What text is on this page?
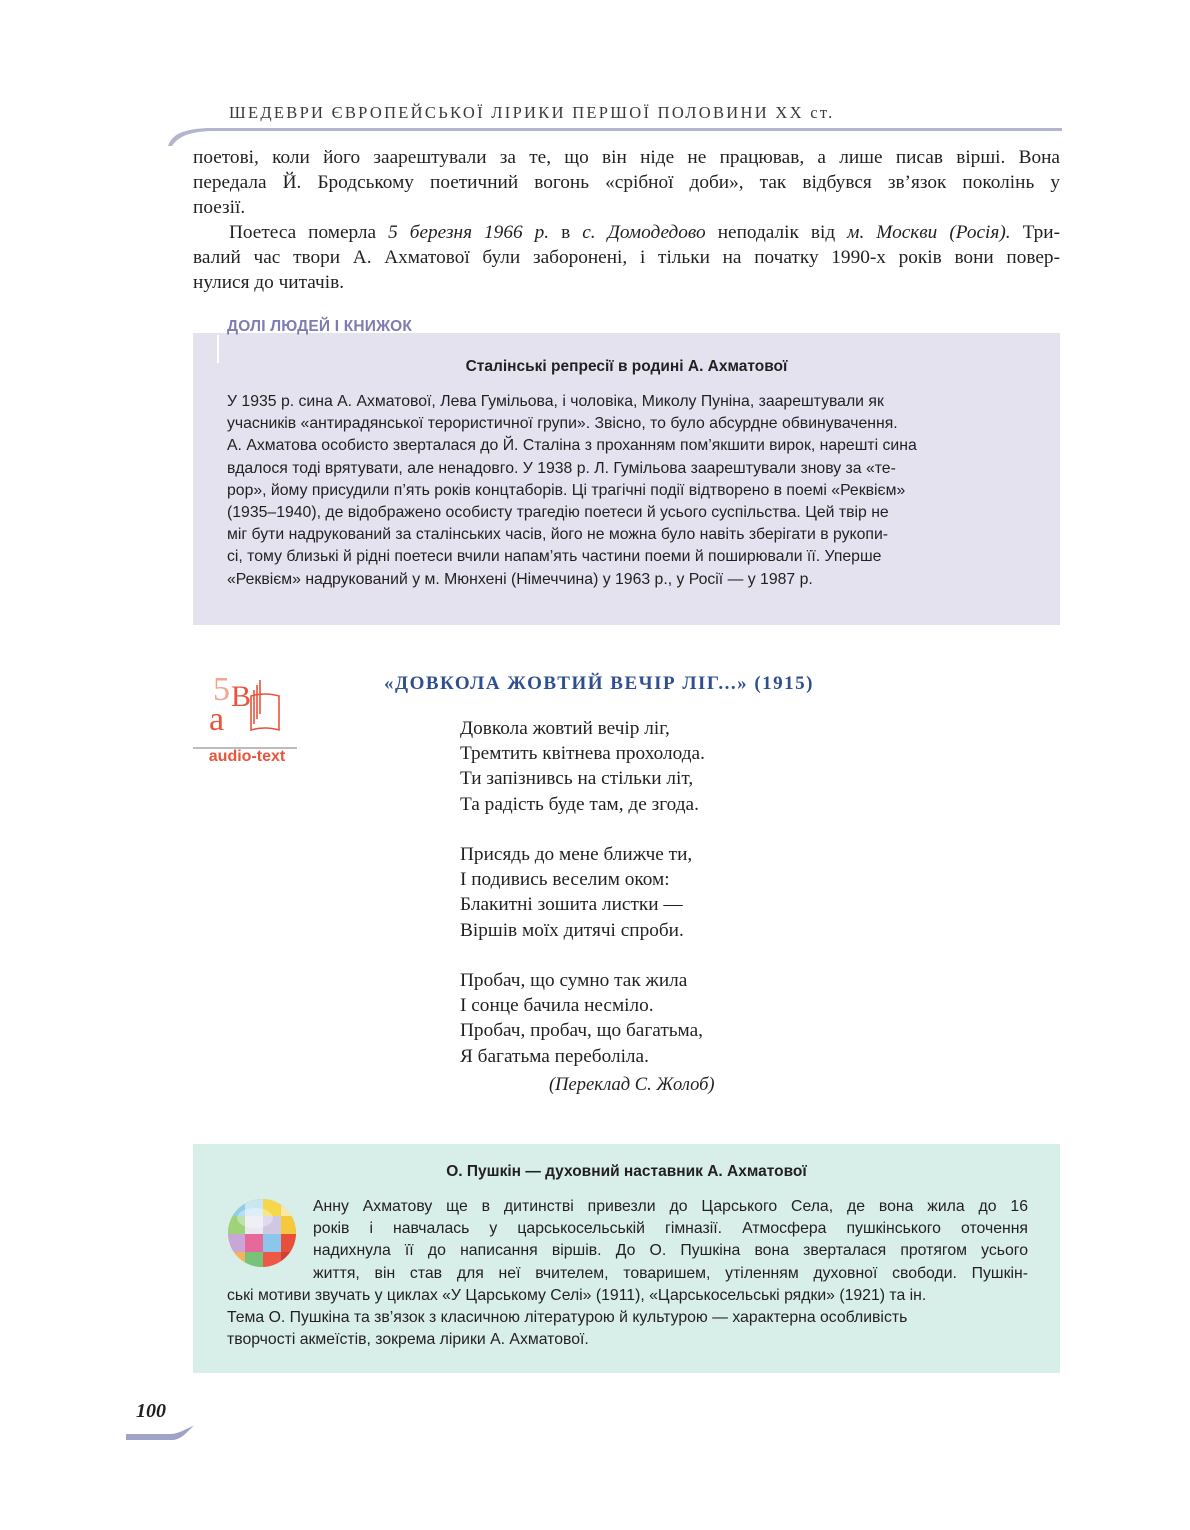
ШЕДЕВРИ ЄВРОПЕЙСЬКОЇ ЛІРИКИ ПЕРШОЇ ПОЛОВИНИ ХХ ст.
поетові, коли його заарештували за те, що він ніде не працював, а лише писав вірші. Вона
передала Й. Бродському поетичний вогонь «срібної доби», так відбувся зв’язок поколінь у
поезії.
Поетеса померла 5 березня 1966 р. в с. Домодедово неподалік від м. Москви (Росія). Три-
валий час твори А. Ахматової були заборонені, і тільки на початку 1990-х років вони повер-
нулися до читачів.
Сталінські репресії в родині А. Ахматової
У 1935 р. сина А. Ахматової, Лева Гумільова, і чоловіка, Миколу Пуніна, заарештували як
учасників «антирадянської терористичної групи». Звісно, то було абсурдне обвинувачення.
А. Ахматова особисто зверталася до Й. Сталіна з проханням пом’якшити вирок, нарешті сина
вдалося тоді врятувати, але ненадовго. У 1938 р. Л. Гумільова заарештували знову за «те-
рор», йому присудили п’ять років концтаборів. Ці трагічні події відтворено в поемі «Реквієм»
(1935–1940), де відображено особисту трагедію поетеси й усього суспільства. Цей твір не
міг бути надрукований за сталінських часів, його не можна було навіть зберігати в рукопи-
сі, тому близькі й рідні поетеси вчили напам’ять частини поеми й поширювали її. Уперше
«Реквієм» надрукований у м. Мюнхені (Німеччина) у 1963 р., у Росії — у 1987 р.
ДОЛІ ЛЮДЕЙ І КНИЖОК
5 B
a
audio-text
«ДОВКОЛА ЖОВТИЙ ВЕЧІР ЛІГ...» (1915)
Довкола жовтий вечір ліг,
Тремтить квітнева прохолода.
Ти запізнивсь на стільки літ,
Та радість буде там, де згода.
Присядь до мене ближче ти,
І подивись веселим оком:
Блакитні зошита листки —
Віршів моїх дитячі спроби.
Пробач, що сумно так жила
І сонце бачила несміло.
Пробач, пробач, що багатьма,
Я багатьма переболіла.
(Переклад С. Жолоб)
О. Пушкін — духовний наставник А. Ахматової
Анну Ахматову ще в дитинстві привезли до Царського Села, де вона жила до 16
років і навчалась у царськосельській гімназії. Атмосфера пушкінського оточення
надихнула її до написання віршів. До О. Пушкіна вона зверталася протягом усього
життя, він став для неї вчителем, товаришем, утіленням духовної свободи. Пушкін-
ські мотиви звучать у циклах «У Царському Селі» (1911), «Царськосельські рядки» (1921) та ін.
Тема О. Пушкіна та зв’язок з класичною літературою й культурою — характерна особливість
творчості акмеїстів, зокрема лірики А. Ахматової.
100
